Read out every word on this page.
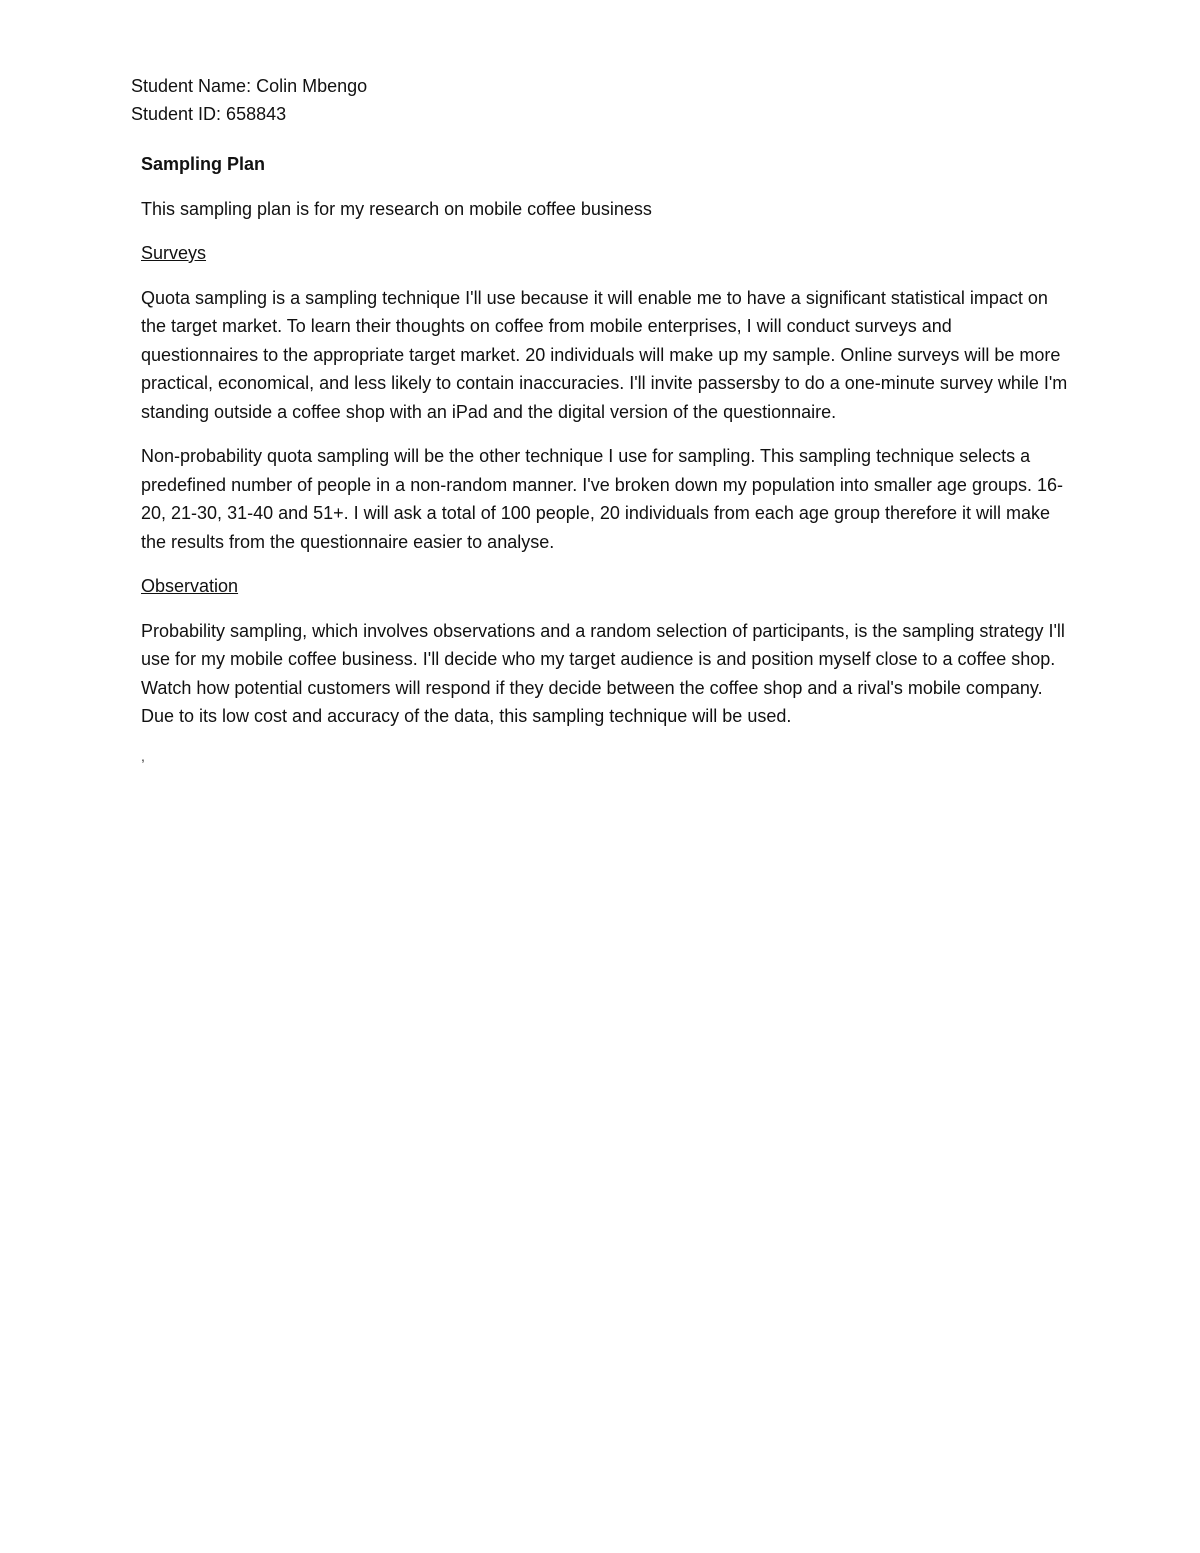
Student Name: Colin Mbengo
Student ID: 658843
Sampling Plan
This sampling plan is for my research on mobile coffee business
Surveys
Quota sampling is a sampling technique I'll use because it will enable me to have a significant statistical impact on the target market. To learn their thoughts on coffee from mobile enterprises, I will conduct surveys and questionnaires to the appropriate target market. 20 individuals will make up my sample. Online surveys will be more practical, economical, and less likely to contain inaccuracies. I'll invite passersby to do a one-minute survey while I'm standing outside a coffee shop with an iPad and the digital version of the questionnaire.
Non-probability quota sampling will be the other technique I use for sampling. This sampling technique selects a predefined number of people in a non-random manner. I've broken down my population into smaller age groups. 16-20, 21-30, 31-40 and 51+. I will ask a total of 100 people, 20 individuals from each age group therefore it will make the results from the questionnaire easier to analyse.
Observation
Probability sampling, which involves observations and a random selection of participants, is the sampling strategy I'll use for my mobile coffee business. I'll decide who my target audience is and position myself close to a coffee shop. Watch how potential customers will respond if they decide between the coffee shop and a rival's mobile company. Due to its low cost and accuracy of the data, this sampling technique will be used.
,
